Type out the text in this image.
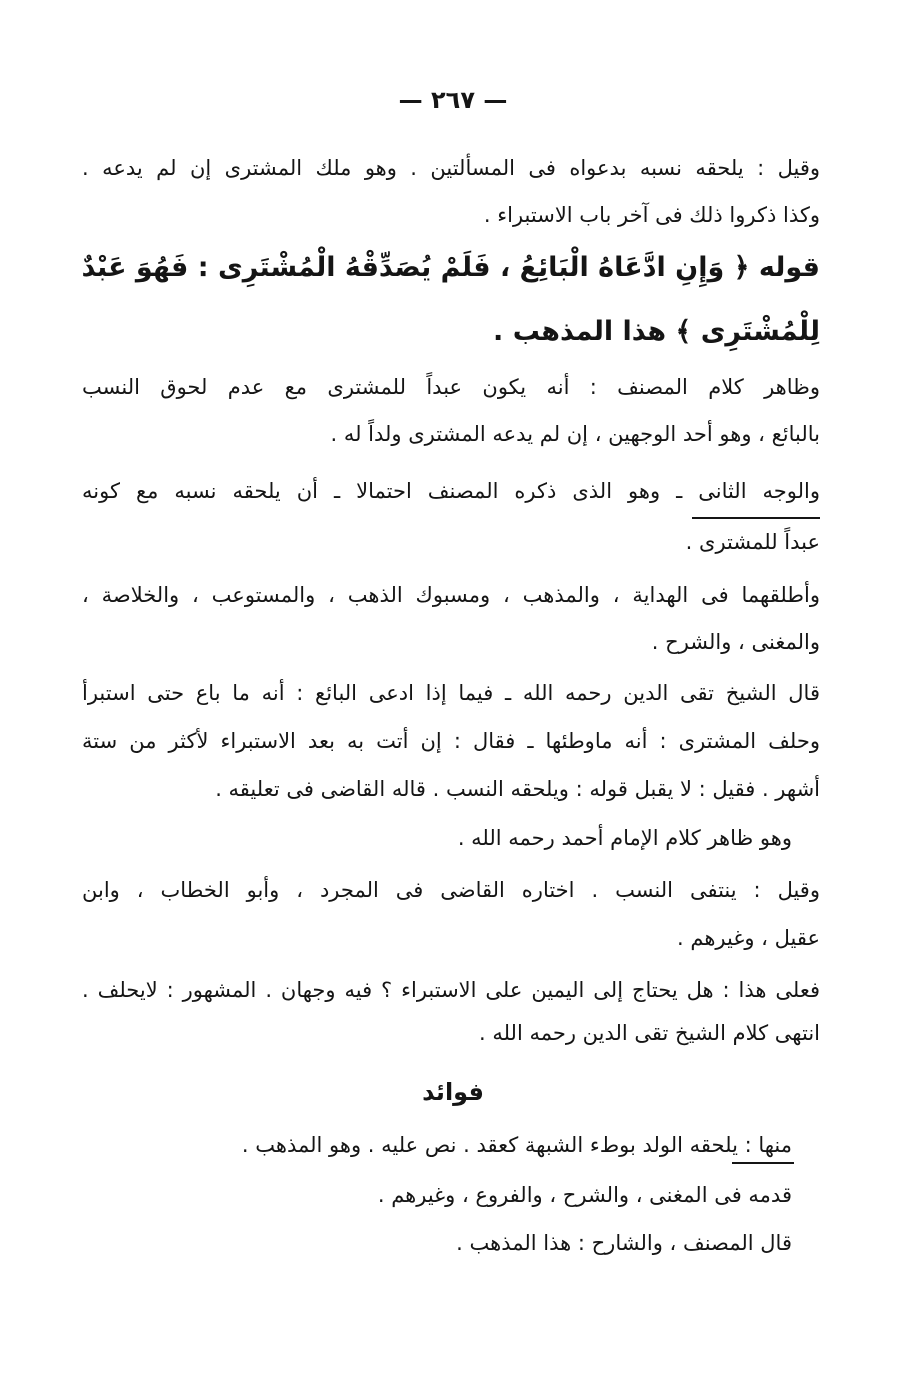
— ٢٦٧ —
وقيل : يلحقه نسبه بدعواه فى المسألتين . وهو ملك المشترى إن لم يدعه .
وكذا ذكروا ذلك فى آخر باب الاستبراء .
قوله ﴿ وَإِنِ ادَّعَاهُ الْبَائِعُ ، فَلَمْ يُصَدِّقْهُ الْمُشْتَرِى : فَهُوَ عَبْدٌ
لِلْمُشْتَرِى ﴾ هذا المذهب .
وظاهر كلام المصنف : أنه يكون عبداً للمشترى مع عدم لحوق النسب
بالبائع ، وهو أحد الوجهين ، إن لم يدعه المشترى ولداً له .
والوجه الثانى ـ وهو الذى ذكره المصنف احتمالا ـ أن يلحقه نسبه مع كونه
عبداً للمشترى .
وأطلقهما فى الهداية ، والمذهب ، ومسبوك الذهب ، والمستوعب ، والخلاصة ،
والمغنى ، والشرح .
قال الشيخ تقى الدين رحمه الله ـ فيما إذا ادعى البائع : أنه ما باع حتى استبرأ
وحلف المشترى : أنه ماوطئها ـ فقال : إن أتت به بعد الاستبراء لأكثر من ستة
أشهر . فقيل : لا يقبل قوله : ويلحقه النسب . قاله القاضى فى تعليقه .
وهو ظاهر كلام الإمام أحمد رحمه الله .
وقيل : ينتفى النسب . اختاره القاضى فى المجرد ، وأبو الخطاب ، وابن
عقيل ، وغيرهم .
فعلى هذا : هل يحتاج إلى اليمين على الاستبراء ؟ فيه وجهان . المشهور : لايحلف .
انتهى كلام الشيخ تقى الدين رحمه الله .
فوائد
منها : يلحقه الولد بوطء الشبهة كعقد . نص عليه . وهو المذهب .
قدمه فى المغنى ، والشرح ، والفروع ، وغيرهم .
قال المصنف ، والشارح : هذا المذهب .
